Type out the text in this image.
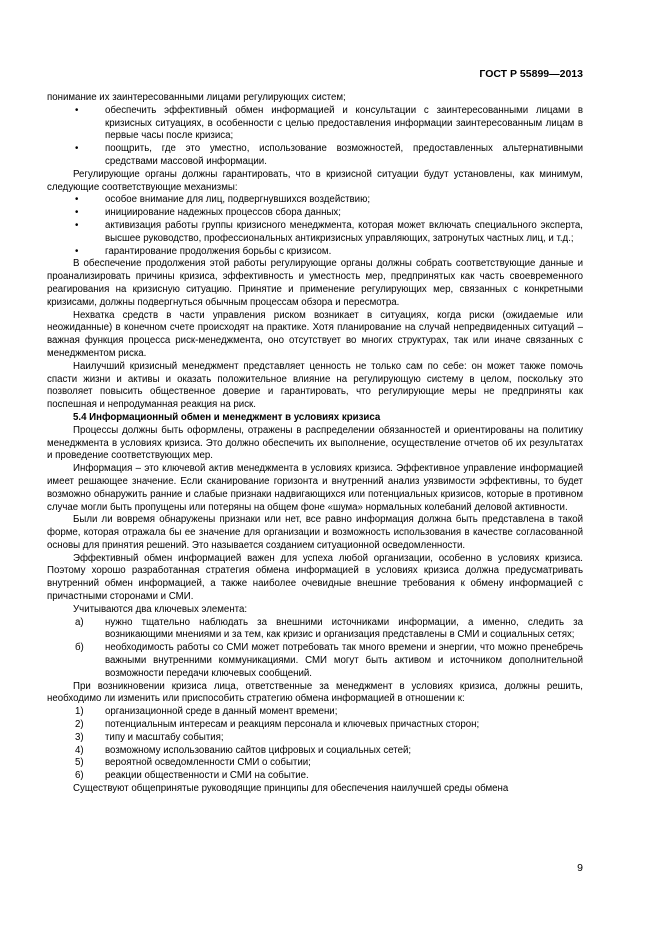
ГОСТ Р 55899—2013

понимание их заинтересованными лицами регулирующих систем;

•	обеспечить эффективный обмен информацией и консультации с заинтересованными лицами в кризисных ситуациях, в особенности с целью предоставления информации заинтересованным лицам в первые часы после кризиса;
•	поощрить, где это уместно, использование возможностей, предоставленных альтернативными средствами массовой информации.

Регулирующие органы должны гарантировать, что в кризисной ситуации будут установлены, как минимум, следующие соответствующие механизмы:

•	особое внимание для лиц, подвергнувшихся воздействию;
•	инициирование надежных процессов сбора данных;
•	активизация работы группы кризисного менеджмента, которая может включать специального эксперта, высшее руководство, профессиональных антикризисных управляющих, затронутых частных лиц, и т.д.;
•	гарантирование продолжения борьбы с кризисом.

В обеспечение продолжения этой работы регулирующие органы должны собрать соответствующие данные и проанализировать причины кризиса, эффективность и уместность мер, предпринятых как часть своевременного реагирования на кризисную ситуацию. Принятие и применение регулирующих мер, связанных с конкретными кризисами, должны подвергнуться обычным процессам обзора и пересмотра.

Нехватка средств в части управления риском возникает в ситуациях, когда риски (ожидаемые или неожиданные) в конечном счете происходят на практике. Хотя планирование на случай непредвиденных ситуаций – важная функция процесса риск-менеджмента, оно отсутствует во многих структурах, так или иначе связанных с менеджментом риска.

Наилучший кризисный менеджмент представляет ценность не только сам по себе: он может также помочь спасти жизни и активы и оказать положительное влияние на регулирующую систему в целом, поскольку это позволяет повысить общественное доверие и гарантировать, что регулирующие меры не предприняты как поспешная и непродуманная реакция на риск.

5.4 Информационный обмен и менеджмент в условиях кризиса

Процессы должны быть оформлены, отражены в распределении обязанностей и ориентированы на политику менеджмента в условиях кризиса. Это должно обеспечить их выполнение, осуществление отчетов об их результатах и проведение соответствующих мер.

Информация – это ключевой актив менеджмента в условиях кризиса. Эффективное управление информацией имеет решающее значение. Если сканирование горизонта и внутренний анализ уязвимости эффективны, то будет возможно обнаружить ранние и слабые признаки надвигающихся или потенциальных кризисов, которые в противном случае могли быть пропущены или потеряны на общем фоне «шума» нормальных колебаний деловой активности.

Были ли вовремя обнаружены признаки или нет, все равно информация должна быть представлена в такой форме, которая отражала бы ее значение для организации и возможность использования в качестве согласованной основы для принятия решений. Это называется созданием ситуационной осведомленности.

Эффективный обмен информацией важен для успеха любой организации, особенно в условиях кризиса. Поэтому хорошо разработанная стратегия обмена информацией в условиях кризиса должна предусматривать внутренний обмен информацией, а также наиболее очевидные внешние требования к обмену информацией с причастными сторонами и СМИ.

Учитываются два ключевых элемента:

а)	нужно тщательно наблюдать за внешними источниками информации, а именно, следить за возникающими мнениями и за тем, как кризис и организация представлены в СМИ и социальных сетях;
б)	необходимость работы со СМИ может потребовать так много времени и энергии, что можно пренебречь важными внутренними коммуникациями. СМИ могут быть активом и источником дополнительной возможности передачи ключевых сообщений.

При возникновении кризиса лица, ответственные за менеджмент в условиях кризиса, должны решить, необходимо ли изменить или приспособить стратегию обмена информацией в отношении к:

1)	организационной среде в данный момент времени;
2)	потенциальным интересам и реакциям персонала и ключевых причастных сторон;
3)	типу и масштабу события;
4)	возможному использованию сайтов цифровых и социальных сетей;
5)	вероятной осведомленности СМИ о событии;
6)	реакции общественности и СМИ на событие.

Существуют общепринятые руководящие принципы для обеспечения наилучшей среды обмена

9
